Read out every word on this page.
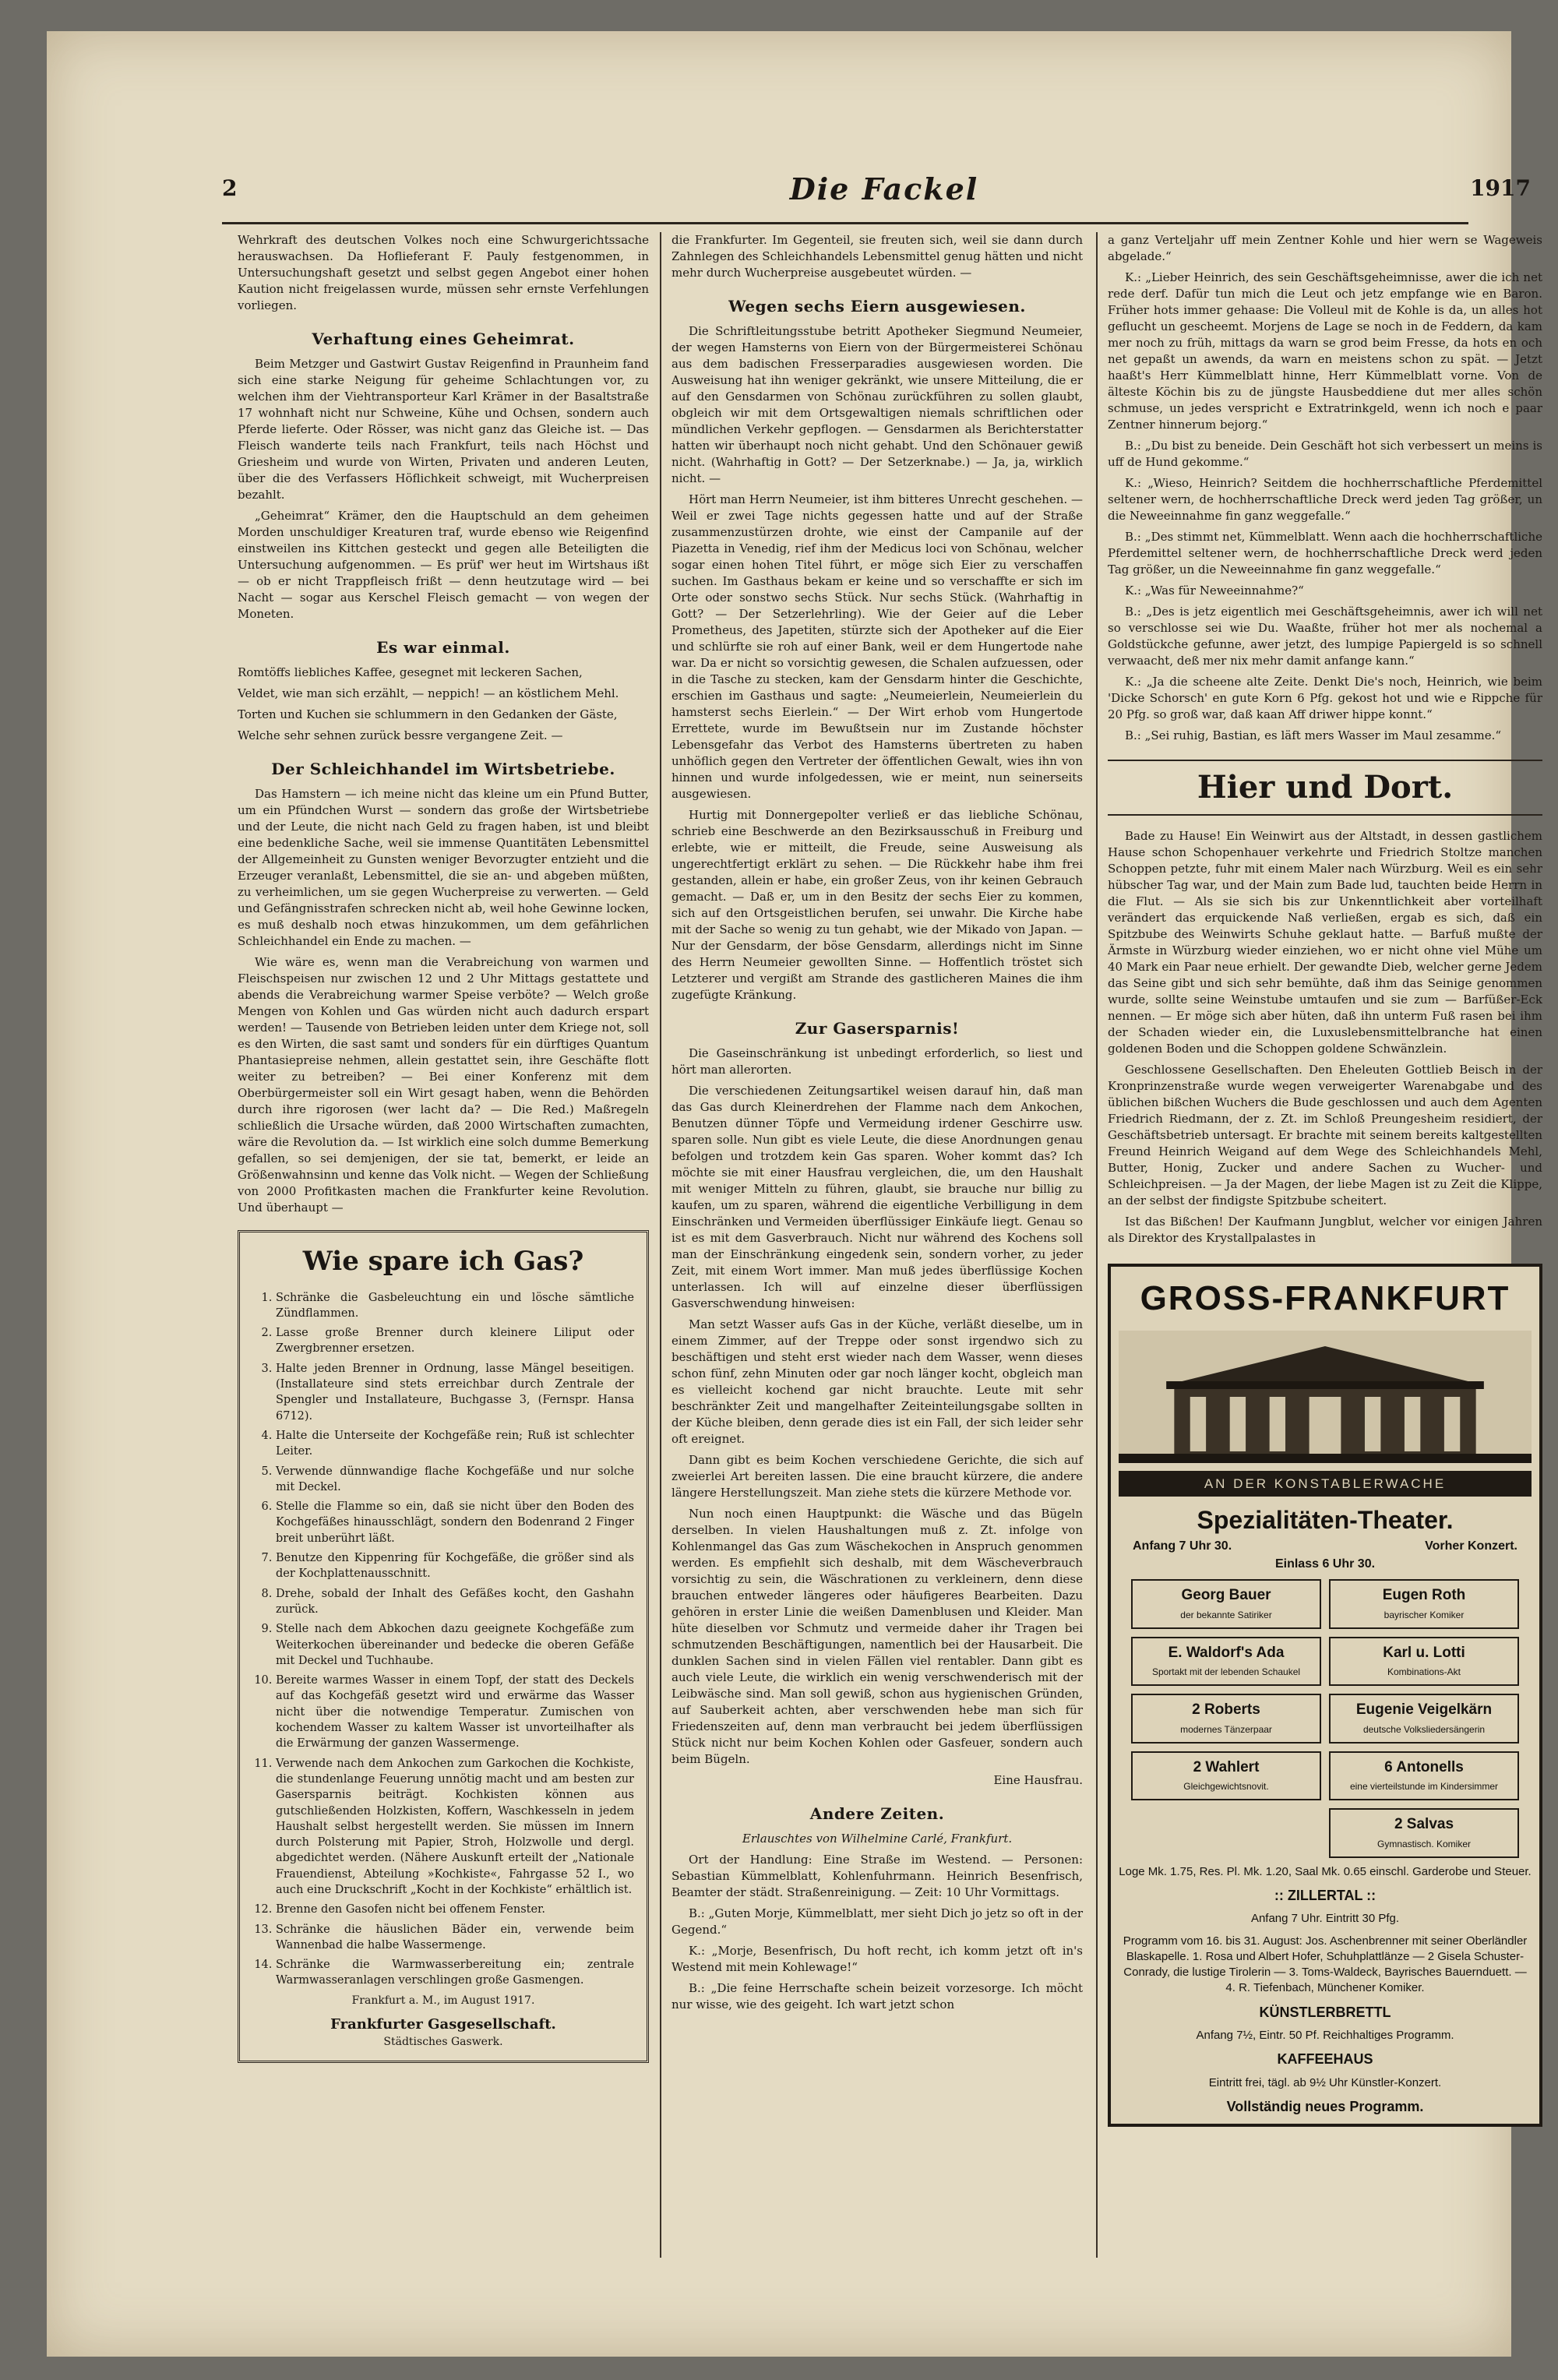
2	Die Fackel	1917

Wehrkraft des deutschen Volkes noch eine Schwurgerichtssache herauswachsen. Da Hoflieferant F. Pauly festgenommen, in Untersuchungshaft gesetzt und selbst gegen Angebot einer hohen Kaution nicht freigelassen wurde, müssen sehr ernste Verfehlungen vorliegen.

Verhaftung eines Geheimrat.

Beim Metzger und Gastwirt Gustav Reigenfind in Praunheim fand sich eine starke Neigung für geheime Schlachtungen vor, zu welchen ihm der Viehtransporteur Karl Krämer in der Basaltstraße 17 wohnhaft nicht nur Schweine, Kühe und Ochsen, sondern auch Pferde lieferte. Oder Rösser, was nicht ganz das Gleiche ist. — Das Fleisch wanderte teils nach Frankfurt, teils nach Höchst und Griesheim und wurde von Wirten, Privaten und anderen Leuten, über die des Verfassers Höflichkeit schweigt, mit Wucherpreisen bezahlt.

„Geheimrat“ Krämer, den die Hauptschuld an dem geheimen Morden unschuldiger Kreaturen traf, wurde ebenso wie Reigenfind einstweilen ins Kittchen gesteckt und gegen alle Beteiligten die Untersuchung aufgenommen. — Es prüf' wer heut im Wirtshaus ißt — ob er nicht Trappfleisch frißt — denn heutzutage wird — bei Nacht — sogar aus Kerschel Fleisch gemacht — von wegen der Moneten.

Es war einmal.

Romtöffs liebliches Kaffee, gesegnet mit leckeren Sachen,

Veldet, wie man sich erzählt, — neppich! — an köstlichem Mehl.

Torten und Kuchen sie schlummern in den Gedanken der Gäste,

Welche sehr sehnen zurück bessre vergangene Zeit. —

Der Schleichhandel im Wirtsbetriebe.

Das Hamstern — ich meine nicht das kleine um ein Pfund Butter, um ein Pfündchen Wurst — sondern das große der Wirtsbetriebe und der Leute, die nicht nach Geld zu fragen haben, ist und bleibt eine bedenkliche Sache, weil sie immense Quantitäten Lebensmittel der Allgemeinheit zu Gunsten weniger Bevorzugter entzieht und die Erzeuger veranlaßt, Lebensmittel, die sie an- und abgeben müßten, zu verheimlichen, um sie gegen Wucherpreise zu verwerten. — Geld und Gefängnisstrafen schrecken nicht ab, weil hohe Gewinne locken, es muß deshalb noch etwas hinzukommen, um dem gefährlichen Schleichhandel ein Ende zu machen. —

Wie wäre es, wenn man die Verabreichung von warmen und Fleischspeisen nur zwischen 12 und 2 Uhr Mittags gestattete und abends die Verabreichung warmer Speise verböte? — Welch große Mengen von Kohlen und Gas würden nicht auch dadurch erspart werden! — Tausende von Betrieben leiden unter dem Kriege not, soll es den Wirten, die sast samt und sonders für ein dürftiges Quantum Phantasiepreise nehmen, allein gestattet sein, ihre Geschäfte flott weiter zu betreiben? — Bei einer Konferenz mit dem Oberbürgermeister soll ein Wirt gesagt haben, wenn die Behörden durch ihre rigorosen (wer lacht da? — Die Red.) Maßregeln schließlich die Ursache würden, daß 2000 Wirtschaften zumachten, wäre die Revolution da. — Ist wirklich eine solch dumme Bemerkung gefallen, so sei demjenigen, der sie tat, bemerkt, er leide an Größenwahnsinn und kenne das Volk nicht. — Wegen der Schließung von 2000 Profitkasten machen die Frankfurter keine Revolution. Und überhaupt —

Wie spare ich Gas?
1. Schränke die Gasbeleuchtung ein und lösche sämtliche Zündflammen.
2. Lasse große Brenner durch kleinere Liliput oder Zwergbrenner ersetzen.
3. Halte jeden Brenner in Ordnung, lasse Mängel beseitigen. (Installateure sind stets erreichbar durch Zentrale der Spengler und Installateure, Buchgasse 3, (Fernspr. Hansa 6712).
4. Halte die Unterseite der Kochgefäße rein; Ruß ist schlechter Leiter.
5. Verwende dünnwandige flache Kochgefäße und nur solche mit Deckel.
6. Stelle die Flamme so ein, daß sie nicht über den Boden des Kochgefäßes hinausschlägt, sondern den Bodenrand 2 Finger breit unberührt läßt.
7. Benutze den Kippenring für Kochgefäße, die größer sind als der Kochplattenausschnitt.
8. Drehe, sobald der Inhalt des Gefäßes kocht, den Gashahn zurück.
9. Stelle nach dem Abkochen dazu geeignete Kochgefäße zum Weiterkochen übereinander und bedecke die oberen Gefäße mit Deckel und Tuchhaube.
10. Bereite warmes Wasser in einem Topf, der statt des Deckels auf das Kochgefäß gesetzt wird und erwärme das Wasser nicht über die notwendige Temperatur. Zumischen von kochendem Wasser zu kaltem Wasser ist unvorteilhafter als die Erwärmung der ganzen Wassermenge.
11. Verwende nach dem Ankochen zum Garkochen die Kochkiste, die stundenlange Feuerung unnötig macht und am besten zur Gasersparnis beiträgt. Kochkisten können aus gutschließenden Holzkisten, Koffern, Waschkesseln in jedem Haushalt selbst hergestellt werden. Sie müssen im Innern durch Polsterung mit Papier, Stroh, Holzwolle und dergl. abgedichtet werden. (Nähere Auskunft erteilt der „Nationale Frauendienst, Abteilung »Kochkiste«, Fahrgasse 52 I., wo auch eine Druckschrift „Kocht in der Kochkiste“ erhältlich ist.
12. Brenne den Gasofen nicht bei offenem Fenster.
13. Schränke die häuslichen Bäder ein, verwende beim Wannenbad die halbe Wassermenge.
14. Schränke die Warmwasserbereitung ein; zentrale Warmwasseranlagen verschlingen große Gasmengen.
Frankfurt a. M., im August 1917.
Frankfurter Gasgesellschaft.
Städtisches Gaswerk.

die Frankfurter. Im Gegenteil, sie freuten sich, weil sie dann durch Zahnlegen des Schleichhandels Lebensmittel genug hätten und nicht mehr durch Wucherpreise ausgebeutet würden. —

Wegen sechs Eiern ausgewiesen.

Die Schriftleitungsstube betritt Apotheker Siegmund Neumeier, der wegen Hamsterns von Eiern von der Bürgermeisterei Schönau aus dem badischen Fresserparadies ausgewiesen worden. Die Ausweisung hat ihn weniger gekränkt, wie unsere Mitteilung, die er auf den Gensdarmen von Schönau zurückführen zu sollen glaubt, obgleich wir mit dem Ortsgewaltigen niemals schriftlichen oder mündlichen Verkehr gepflogen. — Gensdarmen als Berichterstatter hatten wir überhaupt noch nicht gehabt. Und den Schönauer gewiß nicht. (Wahrhaftig in Gott? — Der Setzerknabe.) — Ja, ja, wirklich nicht. —

Hört man Herrn Neumeier, ist ihm bitteres Unrecht geschehen. — Weil er zwei Tage nichts gegessen hatte und auf der Straße zusammenzustürzen drohte, wie einst der Campanile auf der Piazetta in Venedig, rief ihm der Medicus loci von Schönau, welcher sogar einen hohen Titel führt, er möge sich Eier zu verschaffen suchen. Im Gasthaus bekam er keine und so verschaffte er sich im Orte oder sonstwo sechs Stück. Nur sechs Stück. (Wahrhaftig in Gott? — Der Setzerlehrling). Wie der Geier auf die Leber Prometheus, des Japetiten, stürzte sich der Apotheker auf die Eier und schlürfte sie roh auf einer Bank, weil er dem Hungertode nahe war. Da er nicht so vorsichtig gewesen, die Schalen aufzuessen, oder in die Tasche zu stecken, kam der Gensdarm hinter die Geschichte, erschien im Gasthaus und sagte: „Neumeierlein, Neumeierlein du hamsterst sechs Eierlein.“ — Der Wirt erhob vom Hungertode Errettete, wurde im Bewußtsein nur im Zustande höchster Lebensgefahr das Verbot des Hamsterns übertreten zu haben unhöflich gegen den Vertreter der öffentlichen Gewalt, wies ihn von hinnen und wurde infolgedessen, wie er meint, nun seinerseits ausgewiesen.

Hurtig mit Donnergepolter verließ er das liebliche Schönau, schrieb eine Beschwerde an den Bezirksausschuß in Freiburg und erlebte, wie er mitteilt, die Freude, seine Ausweisung als ungerechtfertigt erklärt zu sehen. — Die Rückkehr habe ihm frei gestanden, allein er habe, ein großer Zeus, von ihr keinen Gebrauch gemacht. — Daß er, um in den Besitz der sechs Eier zu kommen, sich auf den Ortsgeistlichen berufen, sei unwahr. Die Kirche habe mit der Sache so wenig zu tun gehabt, wie der Mikado von Japan. — Nur der Gensdarm, der böse Gensdarm, allerdings nicht im Sinne des Herrn Neumeier gewollten Sinne. — Hoffentlich tröstet sich Letzterer und vergißt am Strande des gastlicheren Maines die ihm zugefügte Kränkung.

Zur Gasersparnis!

Die Gaseinschränkung ist unbedingt erforderlich, so liest und hört man allerorten.

Die verschiedenen Zeitungsartikel weisen darauf hin, daß man das Gas durch Kleinerdrehen der Flamme nach dem Ankochen, Benutzen dünner Töpfe und Vermeidung irdener Geschirre usw. sparen solle. Nun gibt es viele Leute, die diese Anordnungen genau befolgen und trotzdem kein Gas sparen. Woher kommt das? Ich möchte sie mit einer Hausfrau vergleichen, die, um den Haushalt mit weniger Mitteln zu führen, glaubt, sie brauche nur billig zu kaufen, um zu sparen, während die eigentliche Verbilligung in dem Einschränken und Vermeiden überflüssiger Einkäufe liegt. Genau so ist es mit dem Gasverbrauch. Nicht nur während des Kochens soll man der Einschränkung eingedenk sein, sondern vorher, zu jeder Zeit, mit einem Wort immer. Man muß jedes überflüssige Kochen unterlassen. Ich will auf einzelne dieser überflüssigen Gasverschwendung hinweisen:

Man setzt Wasser aufs Gas in der Küche, verläßt dieselbe, um in einem Zimmer, auf der Treppe oder sonst irgendwo sich zu beschäftigen und steht erst wieder nach dem Wasser, wenn dieses schon fünf, zehn Minuten oder gar noch länger kocht, obgleich man es vielleicht kochend gar nicht brauchte. Leute mit sehr beschränkter Zeit und mangelhafter Zeiteinteilungsgabe sollten in der Küche bleiben, denn gerade dies ist ein Fall, der sich leider sehr oft ereignet.

Dann gibt es beim Kochen verschiedene Gerichte, die sich auf zweierlei Art bereiten lassen. Die eine braucht kürzere, die andere längere Herstellungszeit. Man ziehe stets die kürzere Methode vor.

Nun noch einen Hauptpunkt: die Wäsche und das Bügeln derselben. In vielen Haushaltungen muß z. Zt. infolge von Kohlenmangel das Gas zum Wäschekochen in Anspruch genommen werden. Es empfiehlt sich deshalb, mit dem Wäscheverbrauch vorsichtig zu sein, die Wäschrationen zu verkleinern, denn diese brauchen entweder längeres oder häufigeres Bearbeiten. Dazu gehören in erster Linie die weißen Damenblusen und Kleider. Man hüte dieselben vor Schmutz und vermeide daher ihr Tragen bei schmutzenden Beschäftigungen, namentlich bei der Hausarbeit. Die dunklen Sachen sind in vielen Fällen viel rentabler. Dann gibt es auch viele Leute, die wirklich ein wenig verschwenderisch mit der Leibwäsche sind. Man soll gewiß, schon aus hygienischen Gründen, auf Sauberkeit achten, aber verschwenden hebe man sich für Friedenszeiten auf, denn man verbraucht bei jedem überflüssigen Stück nicht nur beim Kochen Kohlen oder Gasfeuer, sondern auch beim Bügeln.

Eine Hausfrau.
Andere Zeiten.

Erlauschtes von Wilhelmine Carlé, Frankfurt.

Ort der Handlung: Eine Straße im Westend. — Personen: Sebastian Kümmelblatt, Kohlenfuhrmann. Heinrich Besenfrisch, Beamter der städt. Straßenreinigung. — Zeit: 10 Uhr Vormittags.

B.: „Guten Morje, Kümmelblatt, mer sieht Dich jo jetz so oft in der Gegend.“

K.: „Morje, Besenfrisch, Du hoft recht, ich komm jetzt oft in's Westend mit mein Kohlewage!“

B.: „Die feine Herrschafte schein beizeit vorzesorge. Ich möcht nur wisse, wie des geigeht. Ich wart jetzt schon

a ganz Verteljahr uff mein Zentner Kohle und hier wern se Wageweis abgelade.“

K.: „Lieber Heinrich, des sein Geschäftsgeheimnisse, awer die ich net rede derf. Dafür tun mich die Leut och jetz empfange wie en Baron. Früher hots immer gehaase: Die Volleul mit de Kohle is da, un alles hot geflucht un gescheemt. Morjens de Lage se noch in de Feddern, da kam mer noch zu früh, mittags da warn se grod beim Fresse, da hots en och net gepaßt un awends, da warn en meistens schon zu spät. — Jetzt haaßt's Herr Kümmelblatt hinne, Herr Kümmelblatt vorne. Von de älteste Köchin bis zu de jüngste Hausbeddiene dut mer alles schön schmuse, un jedes verspricht e Extratrinkgeld, wenn ich noch e paar Zentner hinnerum bejorg.“

B.: „Du bist zu beneide. Dein Geschäft hot sich verbessert un meins is uff de Hund gekomme.“

K.: „Wieso, Heinrich? Seitdem die hochherrschaftliche Pferdemittel seltener wern, de hochherrschaftliche Dreck werd jeden Tag größer, un die Neweeinnahme fin ganz weggefalle.“

B.: „Des stimmt net, Kümmelblatt. Wenn aach die hochherrschaftliche Pferdemittel seltener wern, de hochherrschaftliche Dreck werd jeden Tag größer, un die Neweeinnahme fin ganz weggefalle.“

K.: „Was für Neweeinnahme?“

B.: „Des is jetz eigentlich mei Geschäftsgeheimnis, awer ich will net so verschlosse sei wie Du. Waaßte, früher hot mer als nochemal a Goldstückche gefunne, awer jetzt, des lumpige Papiergeld is so schnell verwaacht, deß mer nix mehr damit anfange kann.“

K.: „Ja die scheene alte Zeite. Denkt Die's noch, Heinrich, wie beim 'Dicke Schorsch' en gute Korn 6 Pfg. gekost hot und wie e Rippche für 20 Pfg. so groß war, daß kaan Aff driwer hippe konnt.“

B.: „Sei ruhig, Bastian, es läft mers Wasser im Maul zesamme.“

Hier und Dort.

Bade zu Hause! Ein Weinwirt aus der Altstadt, in dessen gastlichem Hause schon Schopenhauer verkehrte und Friedrich Stoltze manchen Schoppen petzte, fuhr mit einem Maler nach Würzburg. Weil es ein sehr hübscher Tag war, und der Main zum Bade lud, tauchten beide Herrn in die Flut. — Als sie sich bis zur Unkenntlichkeit aber vorteilhaft verändert das erquickende Naß verließen, ergab es sich, daß ein Spitzbube des Weinwirts Schuhe geklaut hatte. — Barfuß mußte der Ärmste in Würzburg wieder einziehen, wo er nicht ohne viel Mühe um 40 Mark ein Paar neue erhielt. Der gewandte Dieb, welcher gerne Jedem das Seine gibt und sich sehr bemühte, daß ihm das Seinige genommen wurde, sollte seine Weinstube umtaufen und sie zum — Barfüßer-Eck nennen. — Er möge sich aber hüten, daß ihn unterm Fuß rasen bei ihm der Schaden wieder ein, die Luxuslebensmittelbranche hat einen goldenen Boden und die Schoppen goldene Schwänzlein.

Geschlossene Gesellschaften. Den Eheleuten Gottlieb Beisch in der Kronprinzenstraße wurde wegen verweigerter Warenabgabe und des üblichen bißchen Wuchers die Bude geschlossen und auch dem Agenten Friedrich Riedmann, der z. Zt. im Schloß Preungesheim residiert, der Geschäftsbetrieb untersagt. Er brachte mit seinem bereits kaltgestellten Freund Heinrich Weigand auf dem Wege des Schleichhandels Mehl, Butter, Honig, Zucker und andere Sachen zu Wucher- und Schleichpreisen. — Ja der Magen, der liebe Magen ist zu Zeit die Klippe, an der selbst der findigste Spitzbube scheitert.

Ist das Bißchen! Der Kaufmann Jungblut, welcher vor einigen Jahren als Direktor des Krystallpalastes in

GROSS-FRANKFURT
AN DER KONSTABLERWACHE
Spezialitäten-Theater.
Anfang 7 Uhr 30.	Vorher Konzert.
Einlass 6 Uhr 30.
Georg Bauer
der bekannte Satiriker
Eugen Roth
bayrischer Komiker
E. Waldorf's Ada
Sportakt mit der lebenden Schaukel
Karl u. Lotti
Kombinations-Akt
2 Roberts
modernes Tänzerpaar
Eugenie Veigelkärn
deutsche Volksliedersängerin
2 Wahlert
Gleichgewichtsnovit.
6 Antonells
eine vierteilstunde im Kindersimmer
2 Salvas
Gymnastisch. Komiker
Loge Mk. 1.75, Res. Pl. Mk. 1.20, Saal Mk. 0.65 einschl. Garderobe und Steuer.
:: ZILLERTAL ::
Anfang 7 Uhr. Eintritt 30 Pfg.
Programm vom 16. bis 31. August: Jos. Aschenbrenner mit seiner Oberländler Blaskapelle. 1. Rosa und Albert Hofer, Schuhplattlänze — 2 Gisela Schuster-Conrady, die lustige Tirolerin — 3. Toms-Waldeck, Bayrisches Bauernduett. — 4. R. Tiefenbach, Münchener Komiker.
KÜNSTLERBRETTL
Anfang 7½, Eintr. 50 Pf. Reichhaltiges Programm.
KAFFEEHAUS
Eintritt frei, tägl. ab 9½ Uhr Künstler-Konzert.
Vollständig neues Programm.
